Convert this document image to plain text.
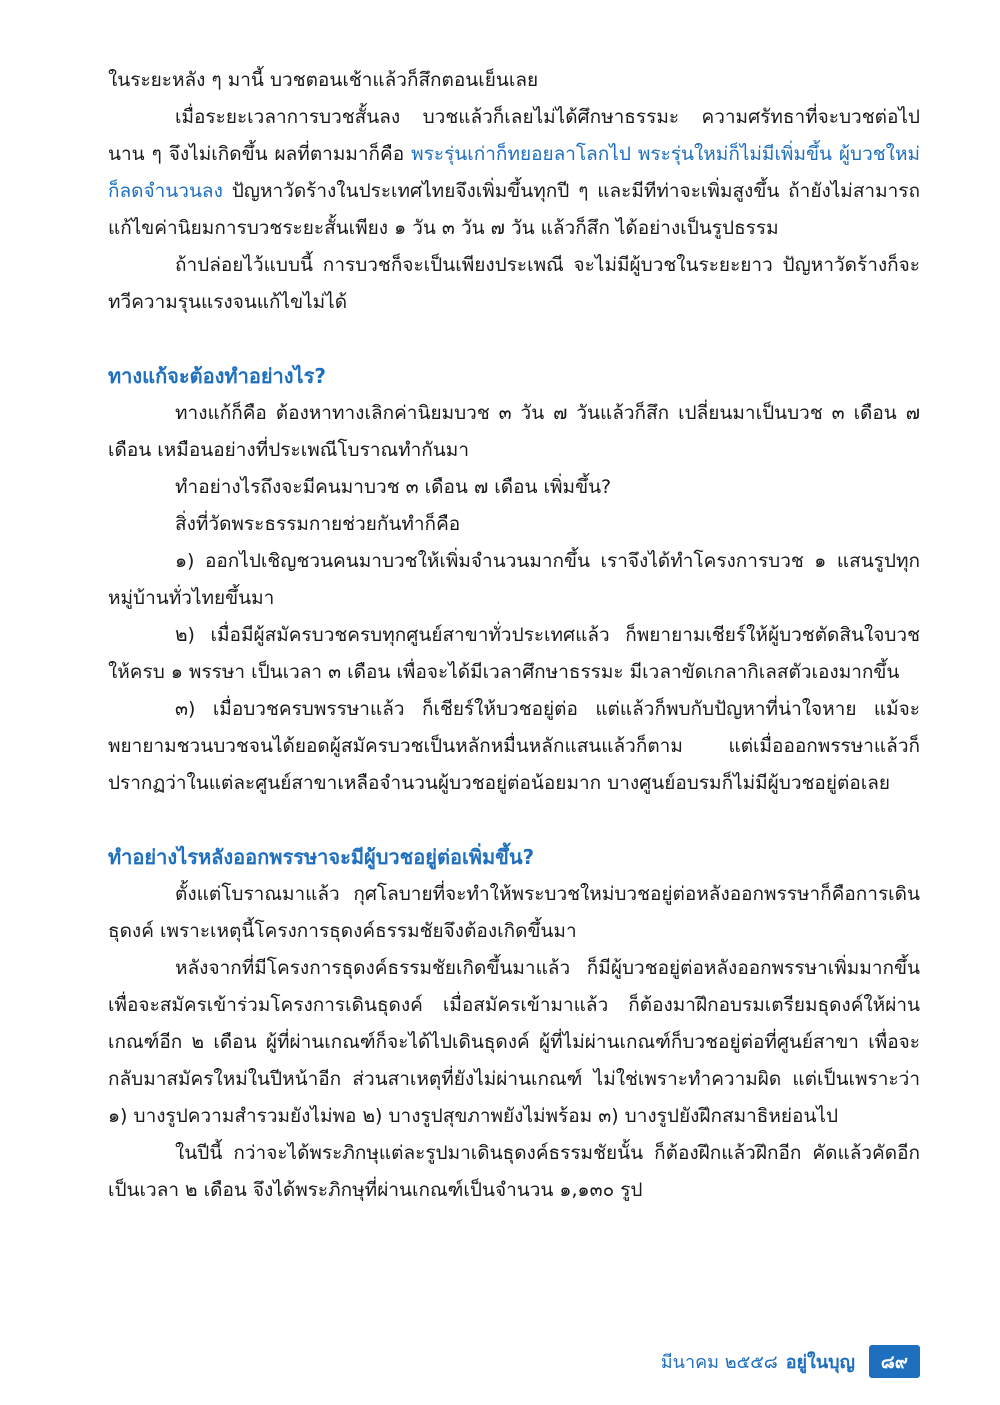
ในระยะหลัง ๆ มานี้ บวชตอนเช้าแล้วก็สึกตอนเย็นเลย

เมื่อระยะเวลาการบวชสั้นลง บวชแล้วก็เลยไม่ได้ศึกษาธรรมะ ความศรัทธาที่จะบวชต่อไปนาน ๆ จึงไม่เกิดขึ้น ผลที่ตามมาก็คือ พระรุ่นเก่าก็ทยอยลาโลกไป พระรุ่นใหม่ก็ไม่มีเพิ่มขึ้น ผู้บวชใหม่ก็ลดจำนวนลง ปัญหาวัดร้างในประเทศไทยจึงเพิ่มขึ้นทุกปี ๆ และมีทีท่าจะเพิ่มสูงขึ้น ถ้ายังไม่สามารถแก้ไขค่านิยมการบวชระยะสั้นเพียง ๑ วัน ๓ วัน ๗ วัน แล้วก็สึก ได้อย่างเป็นรูปธรรม

ถ้าปล่อยไว้แบบนี้ การบวชก็จะเป็นเพียงประเพณี จะไม่มีผู้บวชในระยะยาว ปัญหาวัดร้างก็จะทวีความรุนแรงจนแก้ไขไม่ได้

ทางแก้จะต้องทำอย่างไร?

ทางแก้ก็คือ ต้องหาทางเลิกค่านิยมบวช ๓ วัน ๗ วันแล้วก็สึก เปลี่ยนมาเป็นบวช ๓ เดือน ๗ เดือน เหมือนอย่างที่ประเพณีโบราณทำกันมา

ทำอย่างไรถึงจะมีคนมาบวช ๓ เดือน ๗ เดือน เพิ่มขึ้น?

สิ่งที่วัดพระธรรมกายช่วยกันทำก็คือ

๑) ออกไปเชิญชวนคนมาบวชให้เพิ่มจำนวนมากขึ้น เราจึงได้ทำโครงการบวช ๑ แสนรูปทุกหมู่บ้านทั่วไทยขึ้นมา

๒) เมื่อมีผู้สมัครบวชครบทุกศูนย์สาขาทั่วประเทศแล้ว ก็พยายามเชียร์ให้ผู้บวชตัดสินใจบวชให้ครบ ๑ พรรษา เป็นเวลา ๓ เดือน เพื่อจะได้มีเวลาศึกษาธรรมะ มีเวลาขัดเกลากิเลสตัวเองมากขึ้น

๓) เมื่อบวชครบพรรษาแล้ว ก็เชียร์ให้บวชอยู่ต่อ แต่แล้วก็พบกับปัญหาที่น่าใจหาย แม้จะพยายามชวนบวชจนได้ยอดผู้สมัครบวชเป็นหลักหมื่นหลักแสนแล้วก็ตาม แต่เมื่อออกพรรษาแล้วก็ปรากฏว่าในแต่ละศูนย์สาขาเหลือจำนวนผู้บวชอยู่ต่อน้อยมาก บางศูนย์อบรมก็ไม่มีผู้บวชอยู่ต่อเลย

ทำอย่างไรหลังออกพรรษาจะมีผู้บวชอยู่ต่อเพิ่มขึ้น?

ตั้งแต่โบราณมาแล้ว กุศโลบายที่จะทำให้พระบวชใหม่บวชอยู่ต่อหลังออกพรรษาก็คือการเดินธุดงค์ เพราะเหตุนี้โครงการธุดงค์ธรรมชัยจึงต้องเกิดขึ้นมา

หลังจากที่มีโครงการธุดงค์ธรรมชัยเกิดขึ้นมาแล้ว ก็มีผู้บวชอยู่ต่อหลังออกพรรษาเพิ่มมากขึ้น เพื่อจะสมัครเข้าร่วมโครงการเดินธุดงค์ เมื่อสมัครเข้ามาแล้ว ก็ต้องมาฝึกอบรมเตรียมธุดงค์ให้ผ่านเกณฑ์อีก ๒ เดือน ผู้ที่ผ่านเกณฑ์ก็จะได้ไปเดินธุดงค์ ผู้ที่ไม่ผ่านเกณฑ์ก็บวชอยู่ต่อที่ศูนย์สาขา เพื่อจะกลับมาสมัครใหม่ในปีหน้าอีก ส่วนสาเหตุที่ยังไม่ผ่านเกณฑ์ ไม่ใช่เพราะทำความผิด แต่เป็นเพราะว่า ๑) บางรูปความสำรวมยังไม่พอ ๒) บางรูปสุขภาพยังไม่พร้อม ๓) บางรูปยังฝึกสมาธิหย่อนไป

ในปีนี้ กว่าจะได้พระภิกษุแต่ละรูปมาเดินธุดงค์ธรรมชัยนั้น ก็ต้องฝึกแล้วฝึกอีก คัดแล้วคัดอีกเป็นเวลา ๒ เดือน จึงได้พระภิกษุที่ผ่านเกณฑ์เป็นจำนวน ๑,๑๓๐ รูป

มีนาคม ๒๕๕๘ อยู่ในบุญ	๘๙
